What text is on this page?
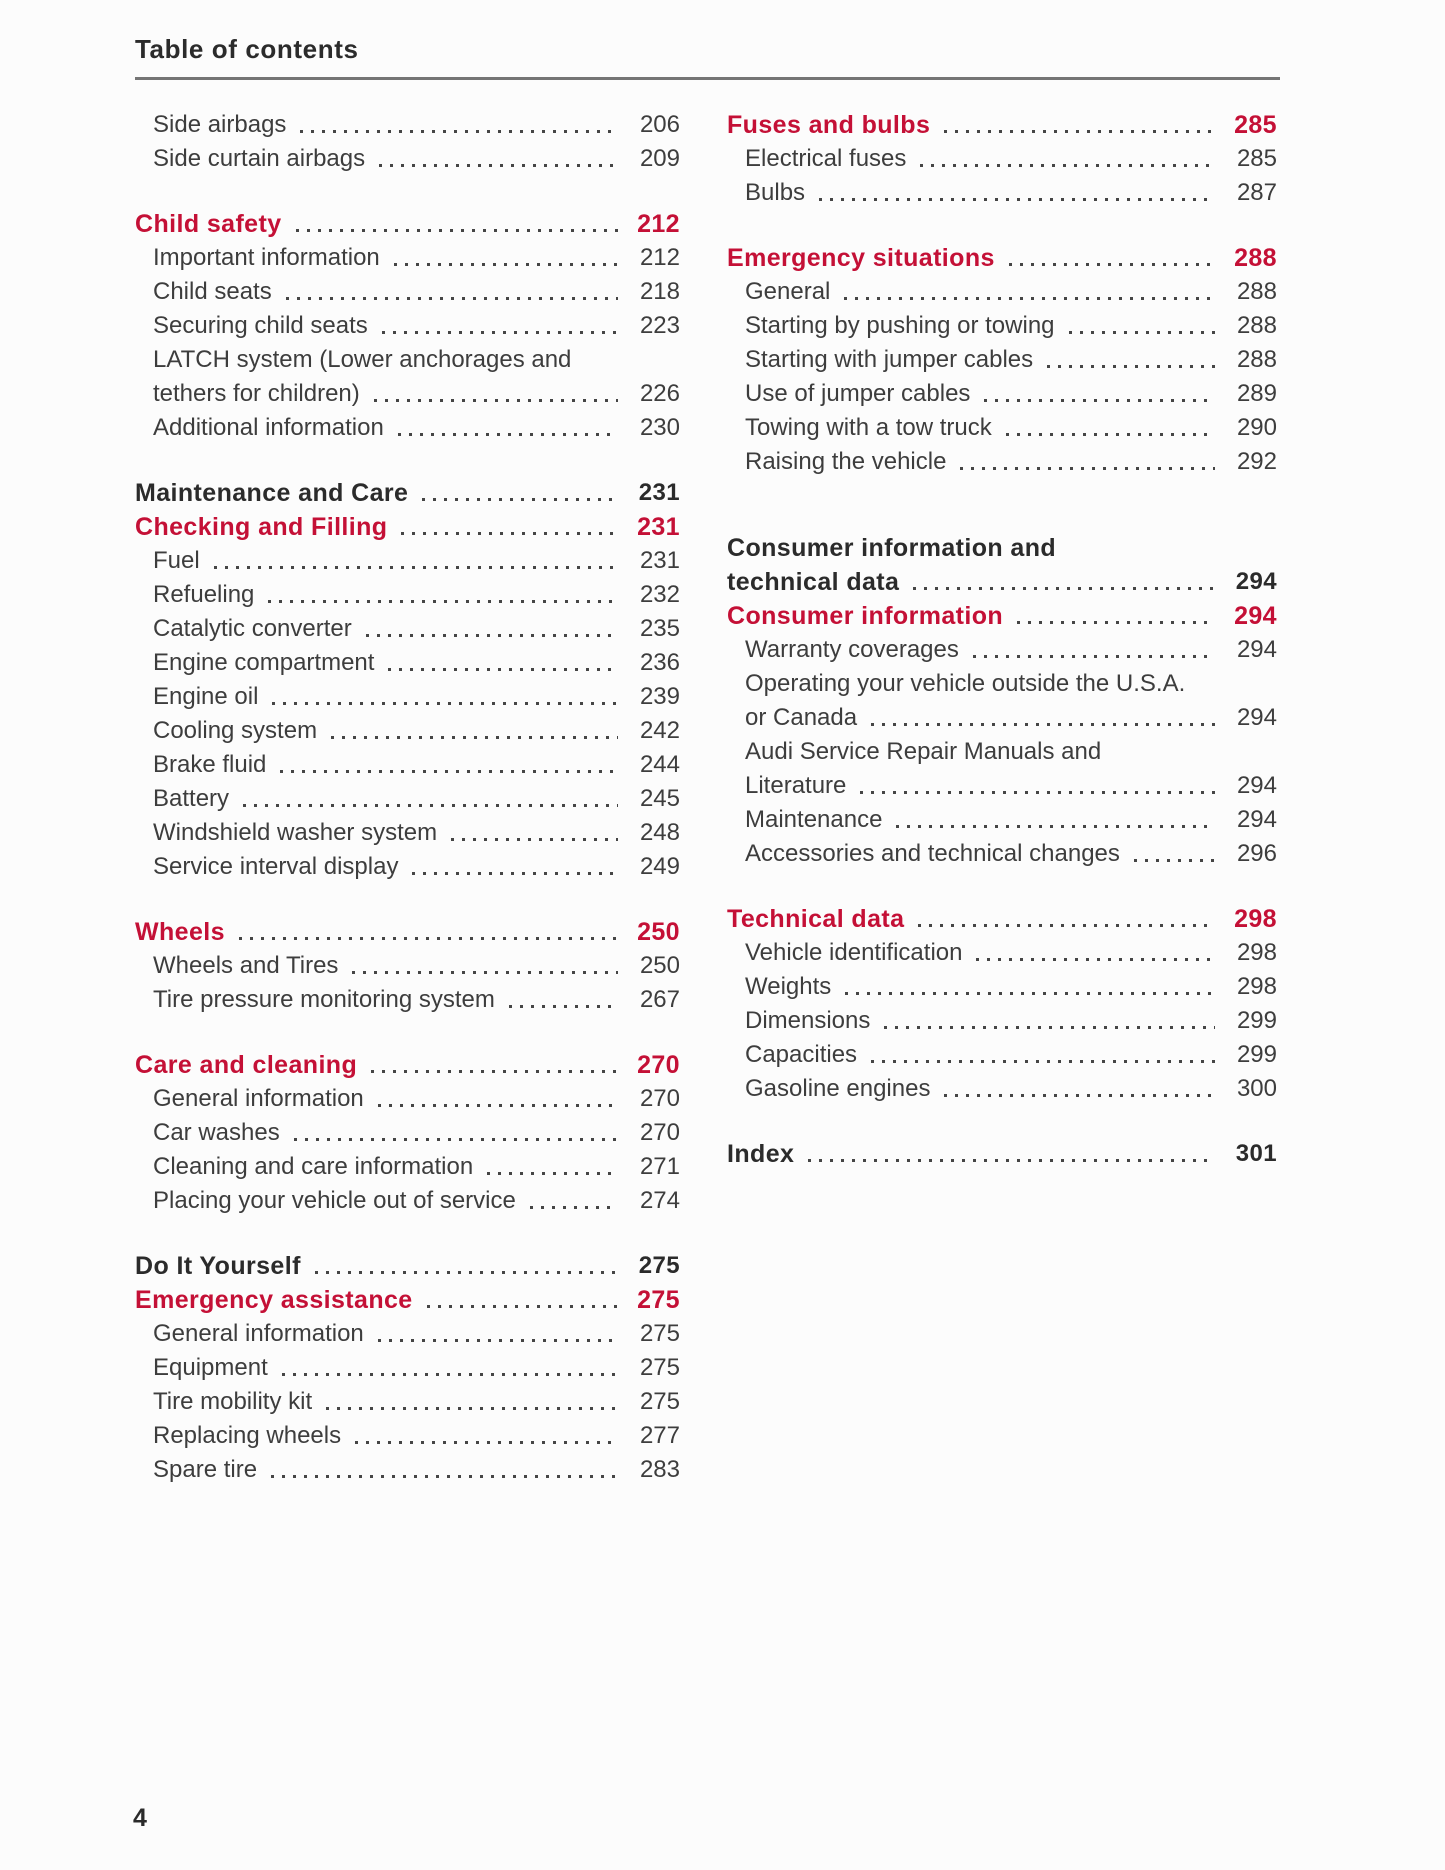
Table of contents
Side airbags	206
Side curtain airbags	209
Child safety	212
Important information	212
Child seats	218
Securing child seats	223
LATCH system (Lower anchorages and
tethers for children)	226
Additional information	230
Maintenance and Care	231
Checking and Filling	231
Fuel	231
Refueling	232
Catalytic converter	235
Engine compartment	236
Engine oil	239
Cooling system	242
Brake fluid	244
Battery	245
Windshield washer system	248
Service interval display	249
Wheels	250
Wheels and Tires	250
Tire pressure monitoring system	267
Care and cleaning	270
General information	270
Car washes	270
Cleaning and care information	271
Placing your vehicle out of service	274
Do It Yourself	275
Emergency assistance	275
General information	275
Equipment	275
Tire mobility kit	275
Replacing wheels	277
Spare tire	283
Fuses and bulbs	285
Electrical fuses	285
Bulbs	287
Emergency situations	288
General	288
Starting by pushing or towing	288
Starting with jumper cables	288
Use of jumper cables	289
Towing with a tow truck	290
Raising the vehicle	292
Consumer information and
technical data	294
Consumer information	294
Warranty coverages	294
Operating your vehicle outside the U.S.A.
or Canada	294
Audi Service Repair Manuals and
Literature	294
Maintenance	294
Accessories and technical changes	296
Technical data	298
Vehicle identification	298
Weights	298
Dimensions	299
Capacities	299
Gasoline engines	300
Index	301
4
